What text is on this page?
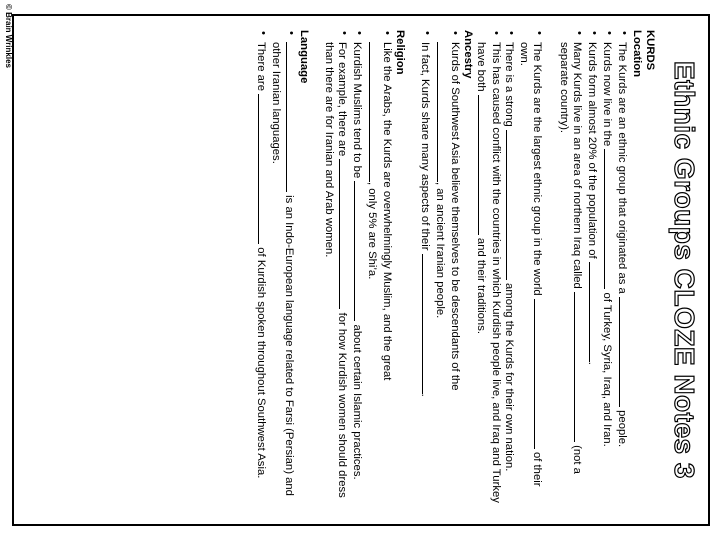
© Brain Wrinkles
Ethnic Groups CLOZE Notes 3

KURDS

Location

• The Kurds are an ethnic group that originated as a  people.
• Kurds now live in the  of Turkey, Syria, Iraq, and Iran.
• Kurds form almost 20% of the population of .
• Many Kurds live in an area of northern Iraq called  (not a separate country).
• The Kurds are the largest ethnic group in the world  of their own.
• There is a strong  among the Kurds for their own nation.
• This has caused conflict with the countries in which Kurdish people live, and Iraq and Turkey have both  and their traditions.

Ancestry

• Kurds of Southwest Asia believe themselves to be descendants of the , an ancient Iranian people.
• In fact, Kurds share many aspects of their .

Religion

• Like the Arabs, the Kurds are overwhelmingly Muslim, and the great , only 5% are Shi’a.
• Kurdish Muslims tend to be  about certain Islamic practices.
• For example, there are  for how Kurdish women should dress than there are for Iranian and Arab women.

Language

• is an Indo-European language related to Farsi (Persian) and other Iranian languages.
• There are  of Kurdish spoken throughout Southwest Asia.
